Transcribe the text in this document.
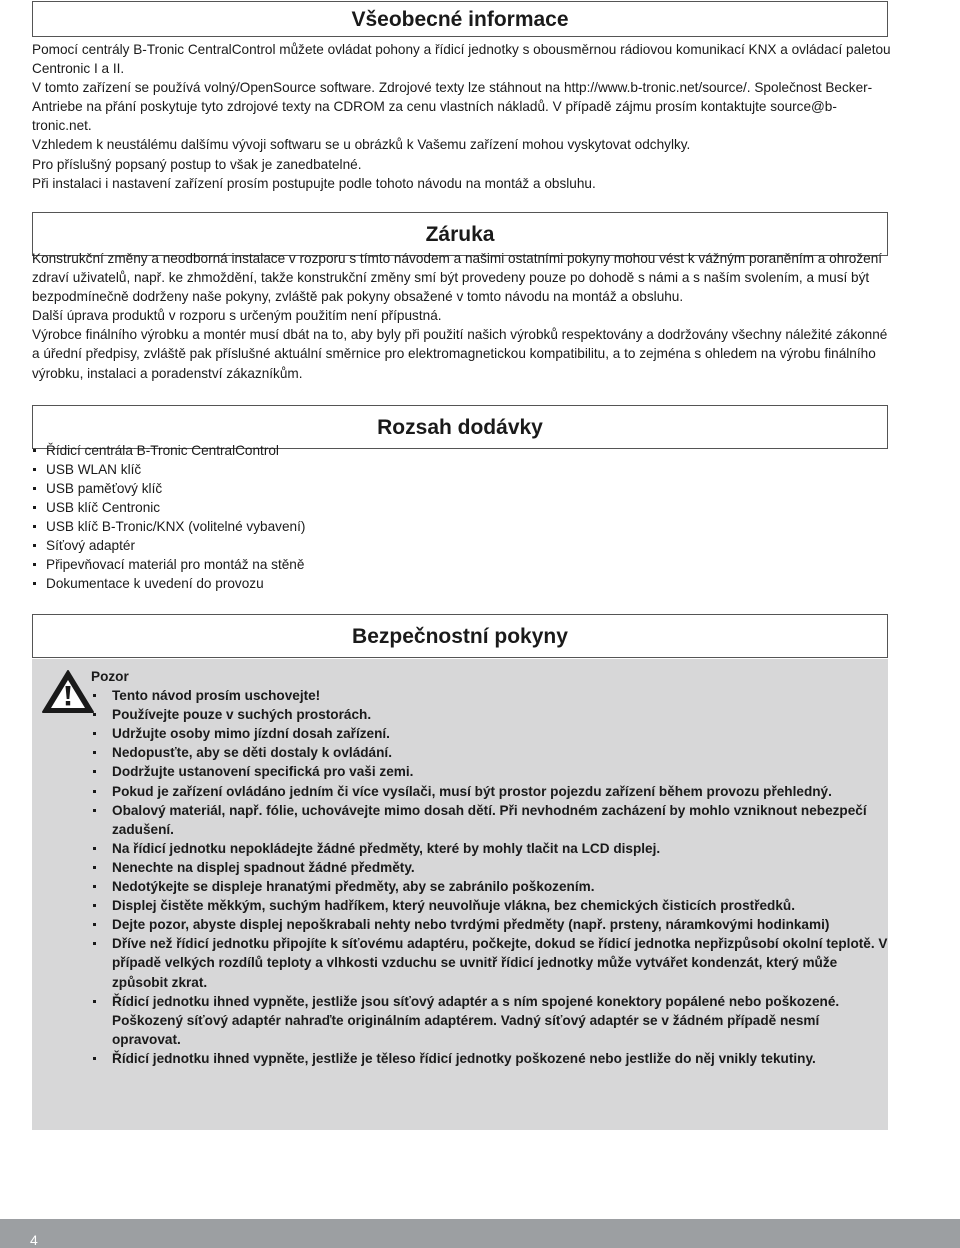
Všeobecné informace

Pomocí centrály B-Tronic CentralControl můžete ovládat pohony a řídicí jednotky s obousměrnou rádiovou komunikací KNX a ovládací paletou Centronic I a II.

V tomto zařízení se používá volný/OpenSource software. Zdrojové texty lze stáhnout na http://www.b-tronic.net/source/. Společnost Becker-Antriebe na přání poskytuje tyto zdrojové texty na CDROM za cenu vlastních nákladů. V případě zájmu prosím kontaktujte source@b-tronic.net.

Vzhledem k neustálému dalšímu vývoji softwaru se u obrázků k Vašemu zařízení mohou vyskytovat odchylky.

Pro příslušný popsaný postup to však je zanedbatelné.

Při instalaci i nastavení zařízení prosím postupujte podle tohoto návodu na montáž a obsluhu.

Záruka

Konstrukční změny a neodborná instalace v rozporu s tímto návodem a našimi ostatními pokyny mohou vést k vážným poraněním a ohrožení zdraví uživatelů, např. ke zhmoždění, takže konstrukční změny smí být provedeny pouze po dohodě s námi a s naším svolením, a musí být bezpodmínečně dodrženy naše pokyny, zvláště pak pokyny obsažené v tomto návodu na montáž a obsluhu.

Další úprava produktů v rozporu s určeným použitím není přípustná.

Výrobce finálního výrobku a montér musí dbát na to, aby byly při použití našich výrobků respektovány a dodržovány všechny náležité zákonné a úřední předpisy, zvláště pak příslušné aktuální směrnice pro elektromagnetickou kompatibilitu, a to zejména s ohledem na výrobu finálního výrobku, instalaci a poradenství zákazníkům.

Rozsah dodávky
Řídicí centrála B-Tronic CentralControl
USB WLAN klíč
USB paměťový klíč
USB klíč Centronic
USB klíč B-Tronic/KNX (volitelné vybavení)
Síťový adaptér
Připevňovací materiál pro montáž na stěně
Dokumentace k uvedení do provozu
Bezpečnostní pokyny

Pozor

Tento návod prosím uschovejte!
Používejte pouze v suchých prostorách.
Udržujte osoby mimo jízdní dosah zařízení.
Nedopusťte, aby se děti dostaly k ovládání.
Dodržujte ustanovení specifická pro vaši zemi.
Pokud je zařízení ovládáno jedním či více vysílači, musí být prostor pojezdu zařízení během provozu přehledný.
Obalový materiál, např. fólie, uchovávejte mimo dosah dětí. Při nevhodném zacházení by mohlo vzniknout nebezpečí zadušení.
Na řídicí jednotku nepokládejte žádné předměty, které by mohly tlačit na LCD displej.
Nenechte na displej spadnout žádné předměty.
Nedotýkejte se displeje hranatými předměty, aby se zabránilo poškozením.
Displej čistěte měkkým, suchým hadříkem, který neuvolňuje vlákna, bez chemických čisticích prostředků.
Dejte pozor, abyste displej nepoškrabali nehty nebo tvrdými předměty (např. prsteny, náramkovými hodinkami)
Dříve než řídicí jednotku připojíte k síťovému adaptéru, počkejte, dokud se řídicí jednotka nepřizpůsobí okolní teplotě. V případě velkých rozdílů teploty a vlhkosti vzduchu se uvnitř řídicí jednotky může vytvářet kondenzát, který může způsobit zkrat.
Řídicí jednotku ihned vypněte, jestliže jsou síťový adaptér a s ním spojené konektory popálené nebo poškozené. Poškozený síťový adaptér nahraďte originálním adaptérem. Vadný síťový adaptér se v žádném případě nesmí opravovat.
Řídicí jednotku ihned vypněte, jestliže je těleso řídicí jednotky poškozené nebo jestliže do něj vnikly tekutiny.
4
